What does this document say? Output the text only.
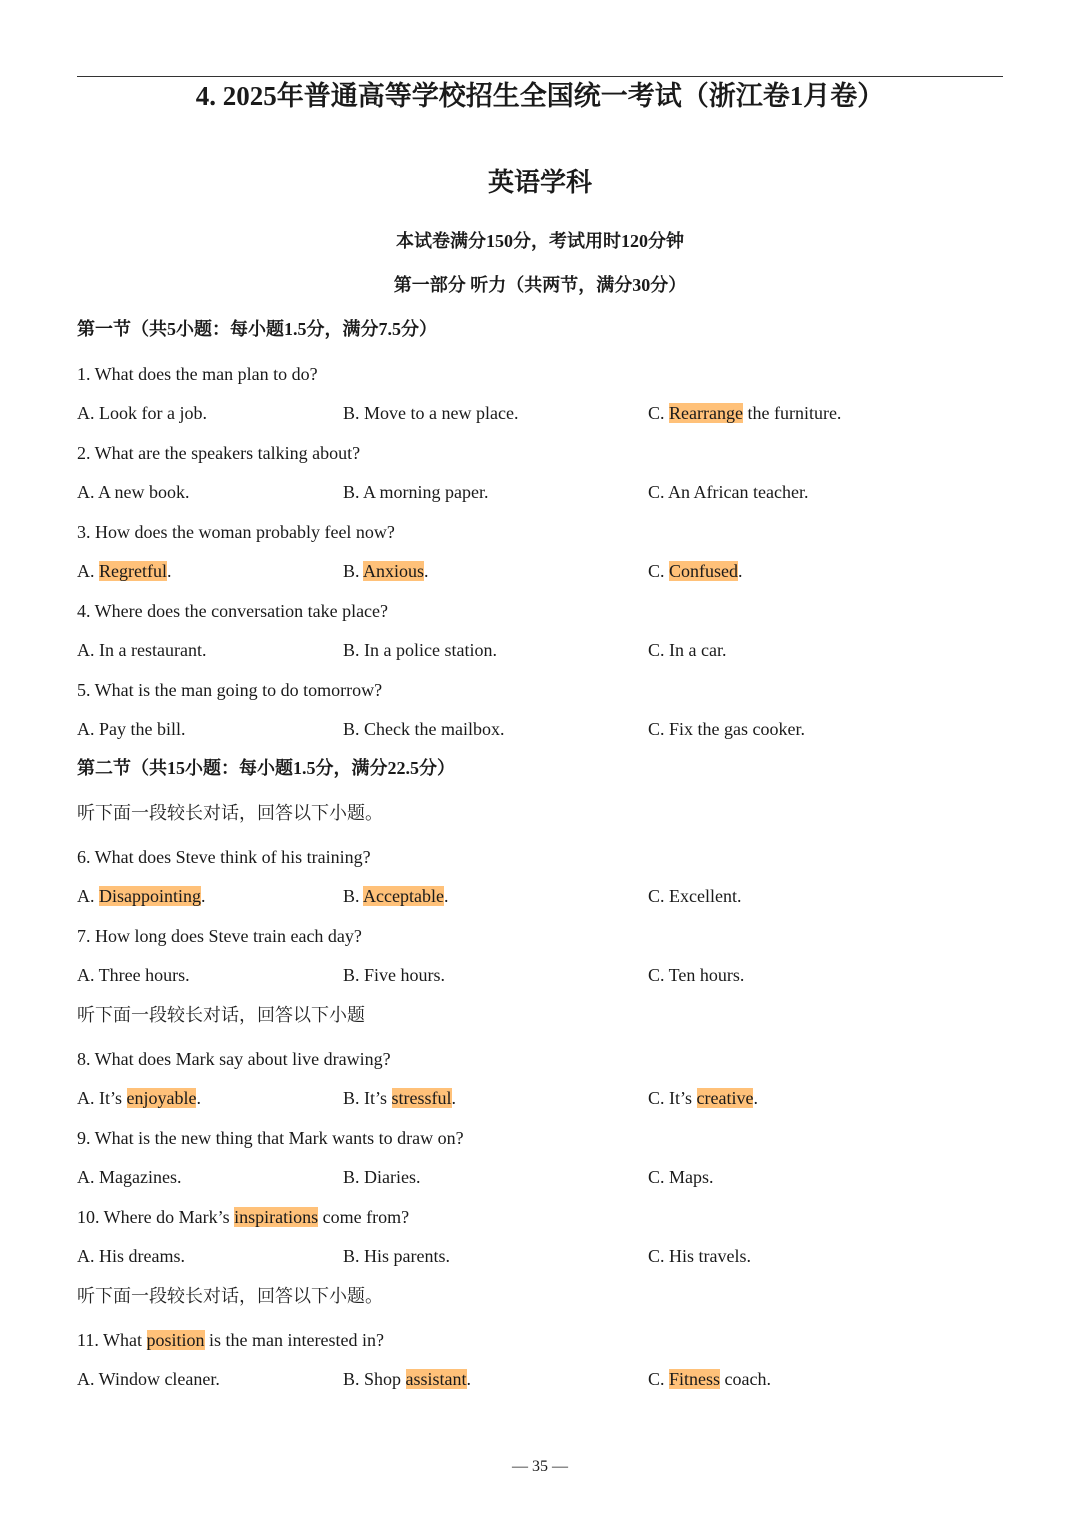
4. 2025年普通高等学校招生全国统一考试（浙江卷1月卷）
英语学科
本试卷满分150分，考试用时120分钟
第一部分 听力（共两节，满分30分）
第一节（共5小题：每小题1.5分，满分7.5分）
1. What does the man plan to do?
A. Look for a job.	B. Move to a new place.	C. Rearrange the furniture.
2. What are the speakers talking about?
A. A new book.	B. A morning paper.	C. An African teacher.
3. How does the woman probably feel now?
A. Regretful.	B. Anxious.	C. Confused.
4. Where does the conversation take place?
A. In a restaurant.	B. In a police station.	C. In a car.
5. What is the man going to do tomorrow?
A. Pay the bill.	B. Check the mailbox.	C. Fix the gas cooker.
第二节（共15小题：每小题1.5分，满分22.5分）
听下面一段较长对话，回答以下小题。
6. What does Steve think of his training?
A. Disappointing.	B. Acceptable.	C. Excellent.
7. How long does Steve train each day?
A. Three hours.	B. Five hours.	C. Ten hours.
听下面一段较长对话，回答以下小题
8. What does Mark say about live drawing?
A. It’s enjoyable.	B. It’s stressful.	C. It’s creative.
9. What is the new thing that Mark wants to draw on?
A. Magazines.	B. Diaries.	C. Maps.
10. Where do Mark’s inspirations come from?
A. His dreams.	B. His parents.	C. His travels.
听下面一段较长对话，回答以下小题。
11. What position is the man interested in?
A. Window cleaner.	B. Shop assistant.	C. Fitness coach.
— 35 —
